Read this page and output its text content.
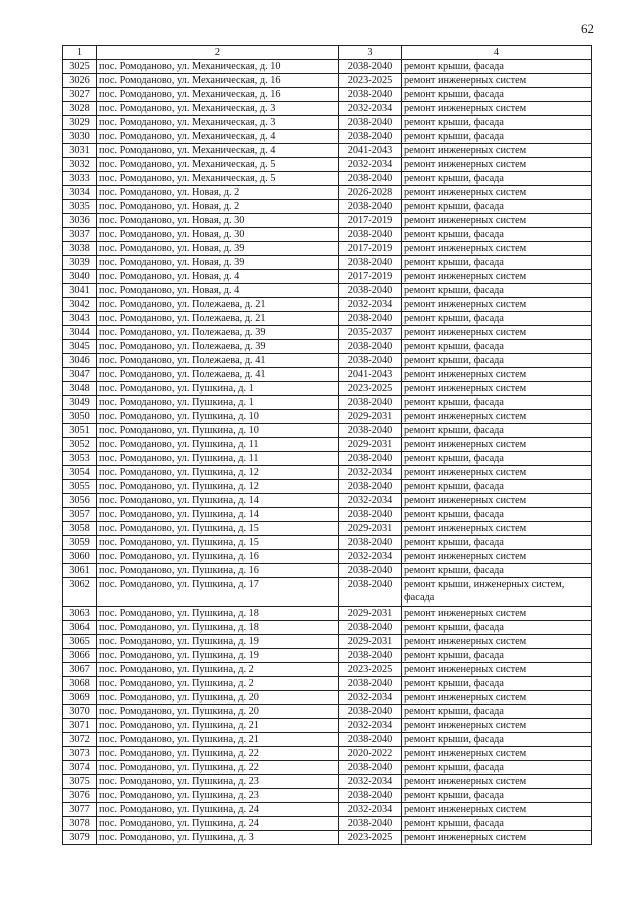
62
1	2	3	4
3025	пос. Ромоданово, ул. Механическая, д. 10	2038-2040	ремонт крыши, фасада
3026	пос. Ромоданово, ул. Механическая, д. 16	2023-2025	ремонт инженерных систем
3027	пос. Ромоданово, ул. Механическая, д. 16	2038-2040	ремонт крыши, фасада
3028	пос. Ромоданово, ул. Механическая, д. 3	2032-2034	ремонт инженерных систем
3029	пос. Ромоданово, ул. Механическая, д. 3	2038-2040	ремонт крыши, фасада
3030	пос. Ромоданово, ул. Механическая, д. 4	2038-2040	ремонт крыши, фасада
3031	пос. Ромоданово, ул. Механическая, д. 4	2041-2043	ремонт инженерных систем
3032	пос. Ромоданово, ул. Механическая, д. 5	2032-2034	ремонт инженерных систем
3033	пос. Ромоданово, ул. Механическая, д. 5	2038-2040	ремонт крыши, фасада
3034	пос. Ромоданово, ул. Новая, д. 2	2026-2028	ремонт инженерных систем
3035	пос. Ромоданово, ул. Новая, д. 2	2038-2040	ремонт крыши, фасада
3036	пос. Ромоданово, ул. Новая, д. 30	2017-2019	ремонт инженерных систем
3037	пос. Ромоданово, ул. Новая, д. 30	2038-2040	ремонт крыши, фасада
3038	пос. Ромоданово, ул. Новая, д. 39	2017-2019	ремонт инженерных систем
3039	пос. Ромоданово, ул. Новая, д. 39	2038-2040	ремонт крыши, фасада
3040	пос. Ромоданово, ул. Новая, д. 4	2017-2019	ремонт инженерных систем
3041	пос. Ромоданово, ул. Новая, д. 4	2038-2040	ремонт крыши, фасада
3042	пос. Ромоданово, ул. Полежаева, д. 21	2032-2034	ремонт инженерных систем
3043	пос. Ромоданово, ул. Полежаева, д. 21	2038-2040	ремонт крыши, фасада
3044	пос. Ромоданово, ул. Полежаева, д. 39	2035-2037	ремонт инженерных систем
3045	пос. Ромоданово, ул. Полежаева, д. 39	2038-2040	ремонт крыши, фасада
3046	пос. Ромоданово, ул. Полежаева, д. 41	2038-2040	ремонт крыши, фасада
3047	пос. Ромоданово, ул. Полежаева, д. 41	2041-2043	ремонт инженерных систем
3048	пос. Ромоданово, ул. Пушкина, д. 1	2023-2025	ремонт инженерных систем
3049	пос. Ромоданово, ул. Пушкина, д. 1	2038-2040	ремонт крыши, фасада
3050	пос. Ромоданово, ул. Пушкина, д. 10	2029-2031	ремонт инженерных систем
3051	пос. Ромоданово, ул. Пушкина, д. 10	2038-2040	ремонт крыши, фасада
3052	пос. Ромоданово, ул. Пушкина, д. 11	2029-2031	ремонт инженерных систем
3053	пос. Ромоданово, ул. Пушкина, д. 11	2038-2040	ремонт крыши, фасада
3054	пос. Ромоданово, ул. Пушкина, д. 12	2032-2034	ремонт инженерных систем
3055	пос. Ромоданово, ул. Пушкина, д. 12	2038-2040	ремонт крыши, фасада
3056	пос. Ромоданово, ул. Пушкина, д. 14	2032-2034	ремонт инженерных систем
3057	пос. Ромоданово, ул. Пушкина, д. 14	2038-2040	ремонт крыши, фасада
3058	пос. Ромоданово, ул. Пушкина, д. 15	2029-2031	ремонт инженерных систем
3059	пос. Ромоданово, ул. Пушкина, д. 15	2038-2040	ремонт крыши, фасада
3060	пос. Ромоданово, ул. Пушкина, д. 16	2032-2034	ремонт инженерных систем
3061	пос. Ромоданово, ул. Пушкина, д. 16	2038-2040	ремонт крыши, фасада
3062	пос. Ромоданово, ул. Пушкина, д. 17	2038-2040	ремонт крыши, инженерных систем, фасада
3063	пос. Ромоданово, ул. Пушкина, д. 18	2029-2031	ремонт инженерных систем
3064	пос. Ромоданово, ул. Пушкина, д. 18	2038-2040	ремонт крыши, фасада
3065	пос. Ромоданово, ул. Пушкина, д. 19	2029-2031	ремонт инженерных систем
3066	пос. Ромоданово, ул. Пушкина, д. 19	2038-2040	ремонт крыши, фасада
3067	пос. Ромоданово, ул. Пушкина, д. 2	2023-2025	ремонт инженерных систем
3068	пос. Ромоданово, ул. Пушкина, д. 2	2038-2040	ремонт крыши, фасада
3069	пос. Ромоданово, ул. Пушкина, д. 20	2032-2034	ремонт инженерных систем
3070	пос. Ромоданово, ул. Пушкина, д. 20	2038-2040	ремонт крыши, фасада
3071	пос. Ромоданово, ул. Пушкина, д. 21	2032-2034	ремонт инженерных систем
3072	пос. Ромоданово, ул. Пушкина, д. 21	2038-2040	ремонт крыши, фасада
3073	пос. Ромоданово, ул. Пушкина, д. 22	2020-2022	ремонт инженерных систем
3074	пос. Ромоданово, ул. Пушкина, д. 22	2038-2040	ремонт крыши, фасада
3075	пос. Ромоданово, ул. Пушкина, д. 23	2032-2034	ремонт инженерных систем
3076	пос. Ромоданово, ул. Пушкина, д. 23	2038-2040	ремонт крыши, фасада
3077	пос. Ромоданово, ул. Пушкина, д. 24	2032-2034	ремонт инженерных систем
3078	пос. Ромоданово, ул. Пушкина, д. 24	2038-2040	ремонт крыши, фасада
3079	пос. Ромоданово, ул. Пушкина, д. 3	2023-2025	ремонт инженерных систем
